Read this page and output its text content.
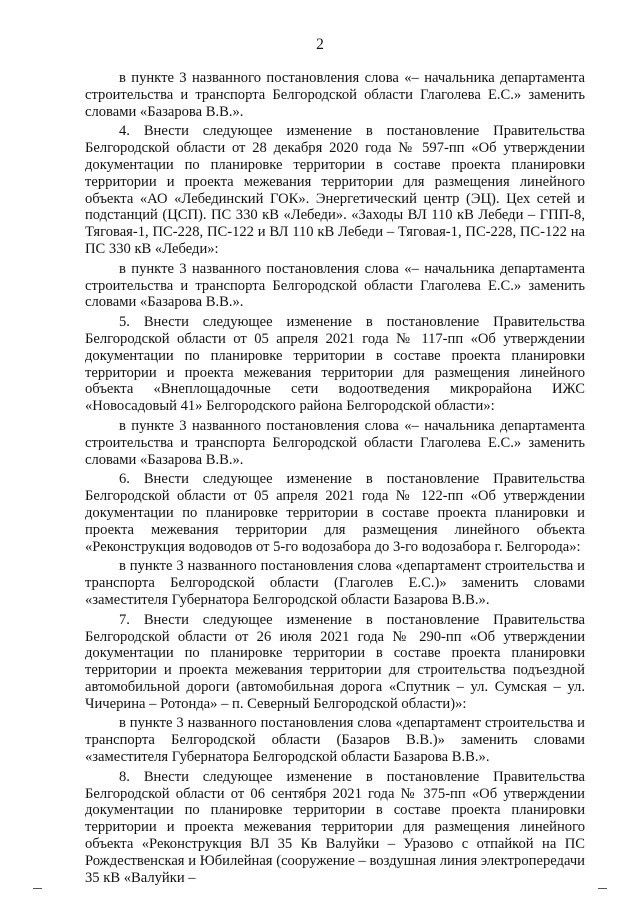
2

в пункте 3 названного постановления слова «– начальника департамента строительства и транспорта Белгородской области Глаголева Е.С.» заменить словами «Базарова В.В.».

4. Внести следующее изменение в постановление Правительства Белгородской области от 28 декабря 2020 года № 597-пп «Об утверждении документации по планировке территории в составе проекта планировки территории и проекта межевания территории для размещения линейного объекта «АО «Лебединский ГОК». Энергетический центр (ЭЦ). Цех сетей и подстанций (ЦСП). ПС 330 кВ «Лебеди». «Заходы ВЛ 110 кВ Лебеди – ГПП-8, Тяговая-1, ПС-228, ПС-122 и ВЛ 110 кВ Лебеди – Тяговая-1, ПС-228, ПС-122 на ПС 330 кВ «Лебеди»:

в пункте 3 названного постановления слова «– начальника департамента строительства и транспорта Белгородской области Глаголева Е.С.» заменить словами «Базарова В.В.».

5. Внести следующее изменение в постановление Правительства Белгородской области от 05 апреля 2021 года № 117-пп «Об утверждении документации по планировке территории в составе проекта планировки территории и проекта межевания территории для размещения линейного объекта «Внеплощадочные сети водоотведения микрорайона ИЖС «Новосадовый 41» Белгородского района Белгородской области»:

в пункте 3 названного постановления слова «– начальника департамента строительства и транспорта Белгородской области Глаголева Е.С.» заменить словами «Базарова В.В.».

6. Внести следующее изменение в постановление Правительства Белгородской области от 05 апреля 2021 года № 122-пп «Об утверждении документации по планировке территории в составе проекта планировки и проекта межевания территории для размещения линейного объекта «Реконструкция водоводов от 5-го водозабора до 3-го водозабора г. Белгорода»:

в пункте 3 названного постановления слова «департамент строительства и транспорта Белгородской области (Глаголев Е.С.)» заменить словами «заместителя Губернатора Белгородской области Базарова В.В.».

7. Внести следующее изменение в постановление Правительства Белгородской области от 26 июля 2021 года № 290-пп «Об утверждении документации по планировке территории в составе проекта планировки территории и проекта межевания территории для строительства подъездной автомобильной дороги (автомобильная дорога «Спутник – ул. Сумская – ул. Чичерина – Ротонда» – п. Северный Белгородской области)»:

в пункте 3 названного постановления слова «департамент строительства и транспорта Белгородской области (Базаров В.В.)» заменить словами «заместителя Губернатора Белгородской области Базарова В.В.».

8. Внести следующее изменение в постановление Правительства Белгородской области от 06 сентября 2021 года № 375-пп «Об утверждении документации по планировке территории в составе проекта планировки территории и проекта межевания территории для размещения линейного объекта «Реконструкция ВЛ 35 Кв Валуйки – Уразово с отпайкой на ПС Рождественская и Юбилейная (сооружение – воздушная линия электропередачи 35 кВ «Валуйки –
